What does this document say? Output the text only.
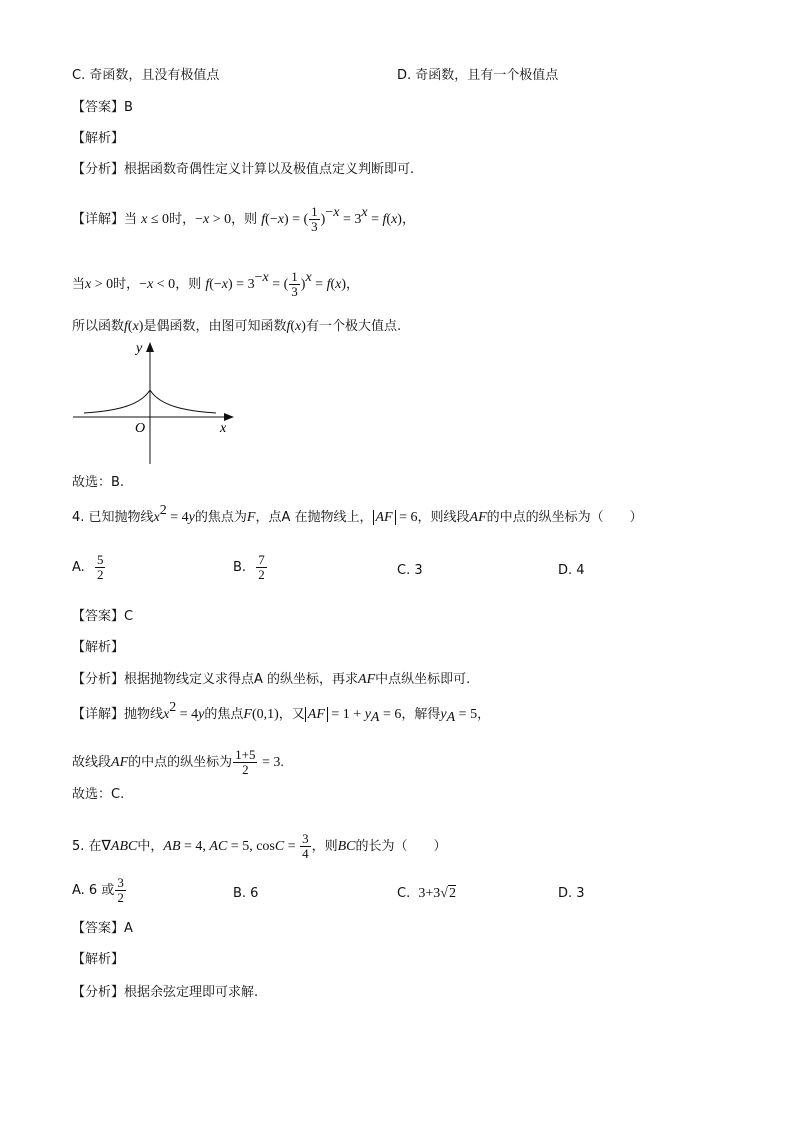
C. 奇函数，且没有极值点	D. 奇函数，且有一个极值点
【答案】B
【解析】
【分析】根据函数奇偶性定义计算以及极值点定义判断即可.
【详解】当 x ≤ 0时，−x > 0，则 f(−x) = ( $\frac{1}{3} )^{-x} = 3^x = f(x)$，
当x > 0时，−x < 0，则 $f(-x) = 3^{-x}$ = ( $\frac{1}{3} )^x = f(x)$，
所以函数f(x)是偶函数，由图可知函数f(x)有一个极大值点.
y
x
O
故选：B.
4. 已知抛物线$x^2 = 4y$的焦点为F，点A 在抛物线上， AF = 6，则线段AF的中点的纵坐标为（　　）
A. $\frac{5}{2}$	B. $\frac{7}{2}$	C. 3	D. 4
【答案】C
【解析】
【分析】根据抛物线定义求得点A 的纵坐标，再求AF中点纵坐标即可.
【详解】抛物线$x^2 = 4y$的焦点F(0,1)，又 AF = $1 + y_A = 6$，解得$y_A = 5$，
故线段AF的中点的纵坐标为 $\frac{1+5}{2} = 3$.
故选：C.
5. 在∇ABC中，AB = 4, AC = 5, $\cos C = \frac{3}{4}$ ，则BC的长为（　　）
A. 6 或 $\frac{3}{2}$	B. 6	C. 3+3√2	D. 3
【答案】A
【解析】
【分析】根据余弦定理即可求解.
